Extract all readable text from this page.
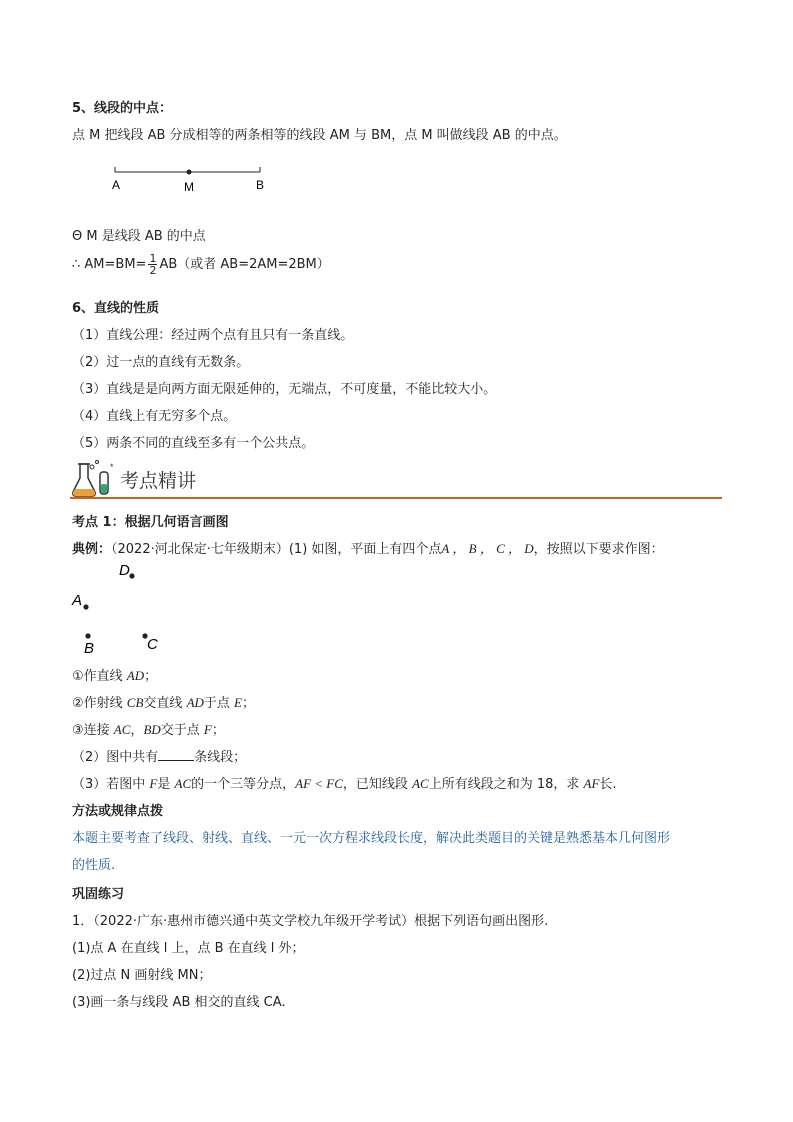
5、线段的中点：
点 M 把线段 AB 分成相等的两条相等的线段 AM 与 BM，点 M 叫做线段 AB 的中点。
A	M	B
Θ M 是线段 AB 的中点
∴ $AM=BM= \frac{1}{2} AB$（或者 AB=2AM=2BM）
6、直线的性质
（1）直线公理：经过两个点有且只有一条直线。
（2）过一点的直线有无数条。
（3）直线是是向两方面无限延伸的，无端点，不可度量，不能比较大小。
（4）直线上有无穷多个点。
（5）两条不同的直线至多有一个公共点。
*
考点精讲
考点 1：根据几何语言画图
典例：（2022·河北保定·七年级期末）(1) 如图，平面上有四个点A ， B ， C ， D，按照以下要求作图：
D
A
B	C
①作直线 AD；
②作射线 CB交直线 AD于点 E；
③连接 AC，BD交于点 F；
（2）图中共有	条线段；
（3）若图中 F是 AC的一个三等分点，AF < FC，已知线段 AC上所有线段之和为 18，求 AF长.
方法或规律点拨
本题主要考查了线段、射线、直线、一元一次方程求线段长度，解决此类题目的关键是熟悉基本几何图形
的性质.
巩固练习
1．（2022·广东·惠州市德兴通中英文学校九年级开学考试）根据下列语句画出图形.
(1)点 A 在直线 l 上，点 B 在直线 l 外；
(2)过点 N 画射线 MN；
(3)画一条与线段 AB 相交的直线 CA.
